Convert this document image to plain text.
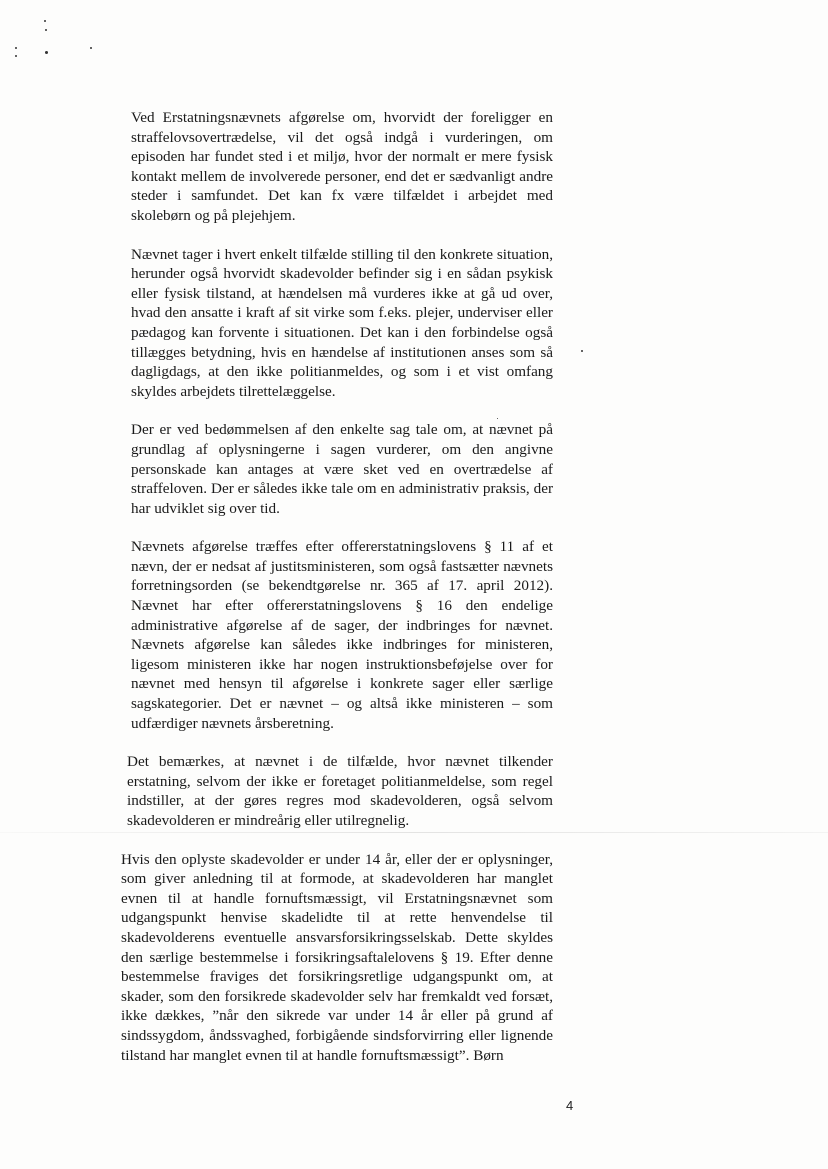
Ved Erstatningsnævnets afgørelse om, hvorvidt der foreligger en straffelovsovertrædelse, vil det også indgå i vurderingen, om episoden har fundet sted i et miljø, hvor der normalt er mere fysisk kontakt mellem de involverede personer, end det er sædvanligt andre steder i samfundet. Det kan fx være tilfældet i arbejdet med skolebørn og på plejehjem.

Nævnet tager i hvert enkelt tilfælde stilling til den konkrete situation, herunder også hvorvidt skadevolder befinder sig i en sådan psykisk eller fysisk tilstand, at hændelsen må vurderes ikke at gå ud over, hvad den ansatte i kraft af sit virke som f.eks. plejer, underviser eller pædagog kan forvente i situationen. Det kan i den forbindelse også tillægges betydning, hvis en hændelse af institutionen anses som så dagligdags, at den ikke politianmeldes, og som i et vist omfang skyldes arbejdets tilrettelæggelse.

Der er ved bedømmelsen af den enkelte sag tale om, at nævnet på grundlag af oplysningerne i sagen vurderer, om den angivne personskade kan antages at være sket ved en overtrædelse af straffeloven. Der er således ikke tale om en administrativ praksis, der har udviklet sig over tid.

Nævnets afgørelse træffes efter offererstatningslovens § 11 af et nævn, der er nedsat af justitsministeren, som også fastsætter nævnets forretningsorden (se bekendtgørelse nr. 365 af 17. april 2012). Nævnet har efter offererstatningslovens § 16 den endelige administrative afgørelse af de sager, der indbringes for nævnet. Nævnets afgørelse kan således ikke indbringes for ministeren, ligesom ministeren ikke har nogen instruktionsbeføjelse over for nævnet med hensyn til afgørelse i konkrete sager eller særlige sagskategorier. Det er nævnet – og altså ikke ministeren – som udfærdiger nævnets årsberetning.

Det bemærkes, at nævnet i de tilfælde, hvor nævnet tilkender erstatning, selvom der ikke er foretaget politianmeldelse, som regel indstiller, at der gøres regres mod skadevolderen, også selvom skadevolderen er mindreårig eller utilregnelig.

Hvis den oplyste skadevolder er under 14 år, eller der er oplysninger, som giver anledning til at formode, at skadevolderen har manglet evnen til at handle fornuftsmæssigt, vil Erstatningsnævnet som udgangspunkt henvise skadelidte til at rette henvendelse til skadevolderens eventuelle ansvarsforsikringsselskab. Dette skyldes den særlige bestemmelse i forsikringsaftalelovens § 19. Efter denne bestemmelse fraviges det forsikringsretlige udgangspunkt om, at skader, som den forsikrede skadevolder selv har fremkaldt ved forsæt, ikke dækkes, ”når den sikrede var under 14 år eller på grund af sindssygdom, åndssvaghed, forbigående sindsforvirring eller lignende tilstand har manglet evnen til at handle fornuftsmæssigt”. Børn

4
